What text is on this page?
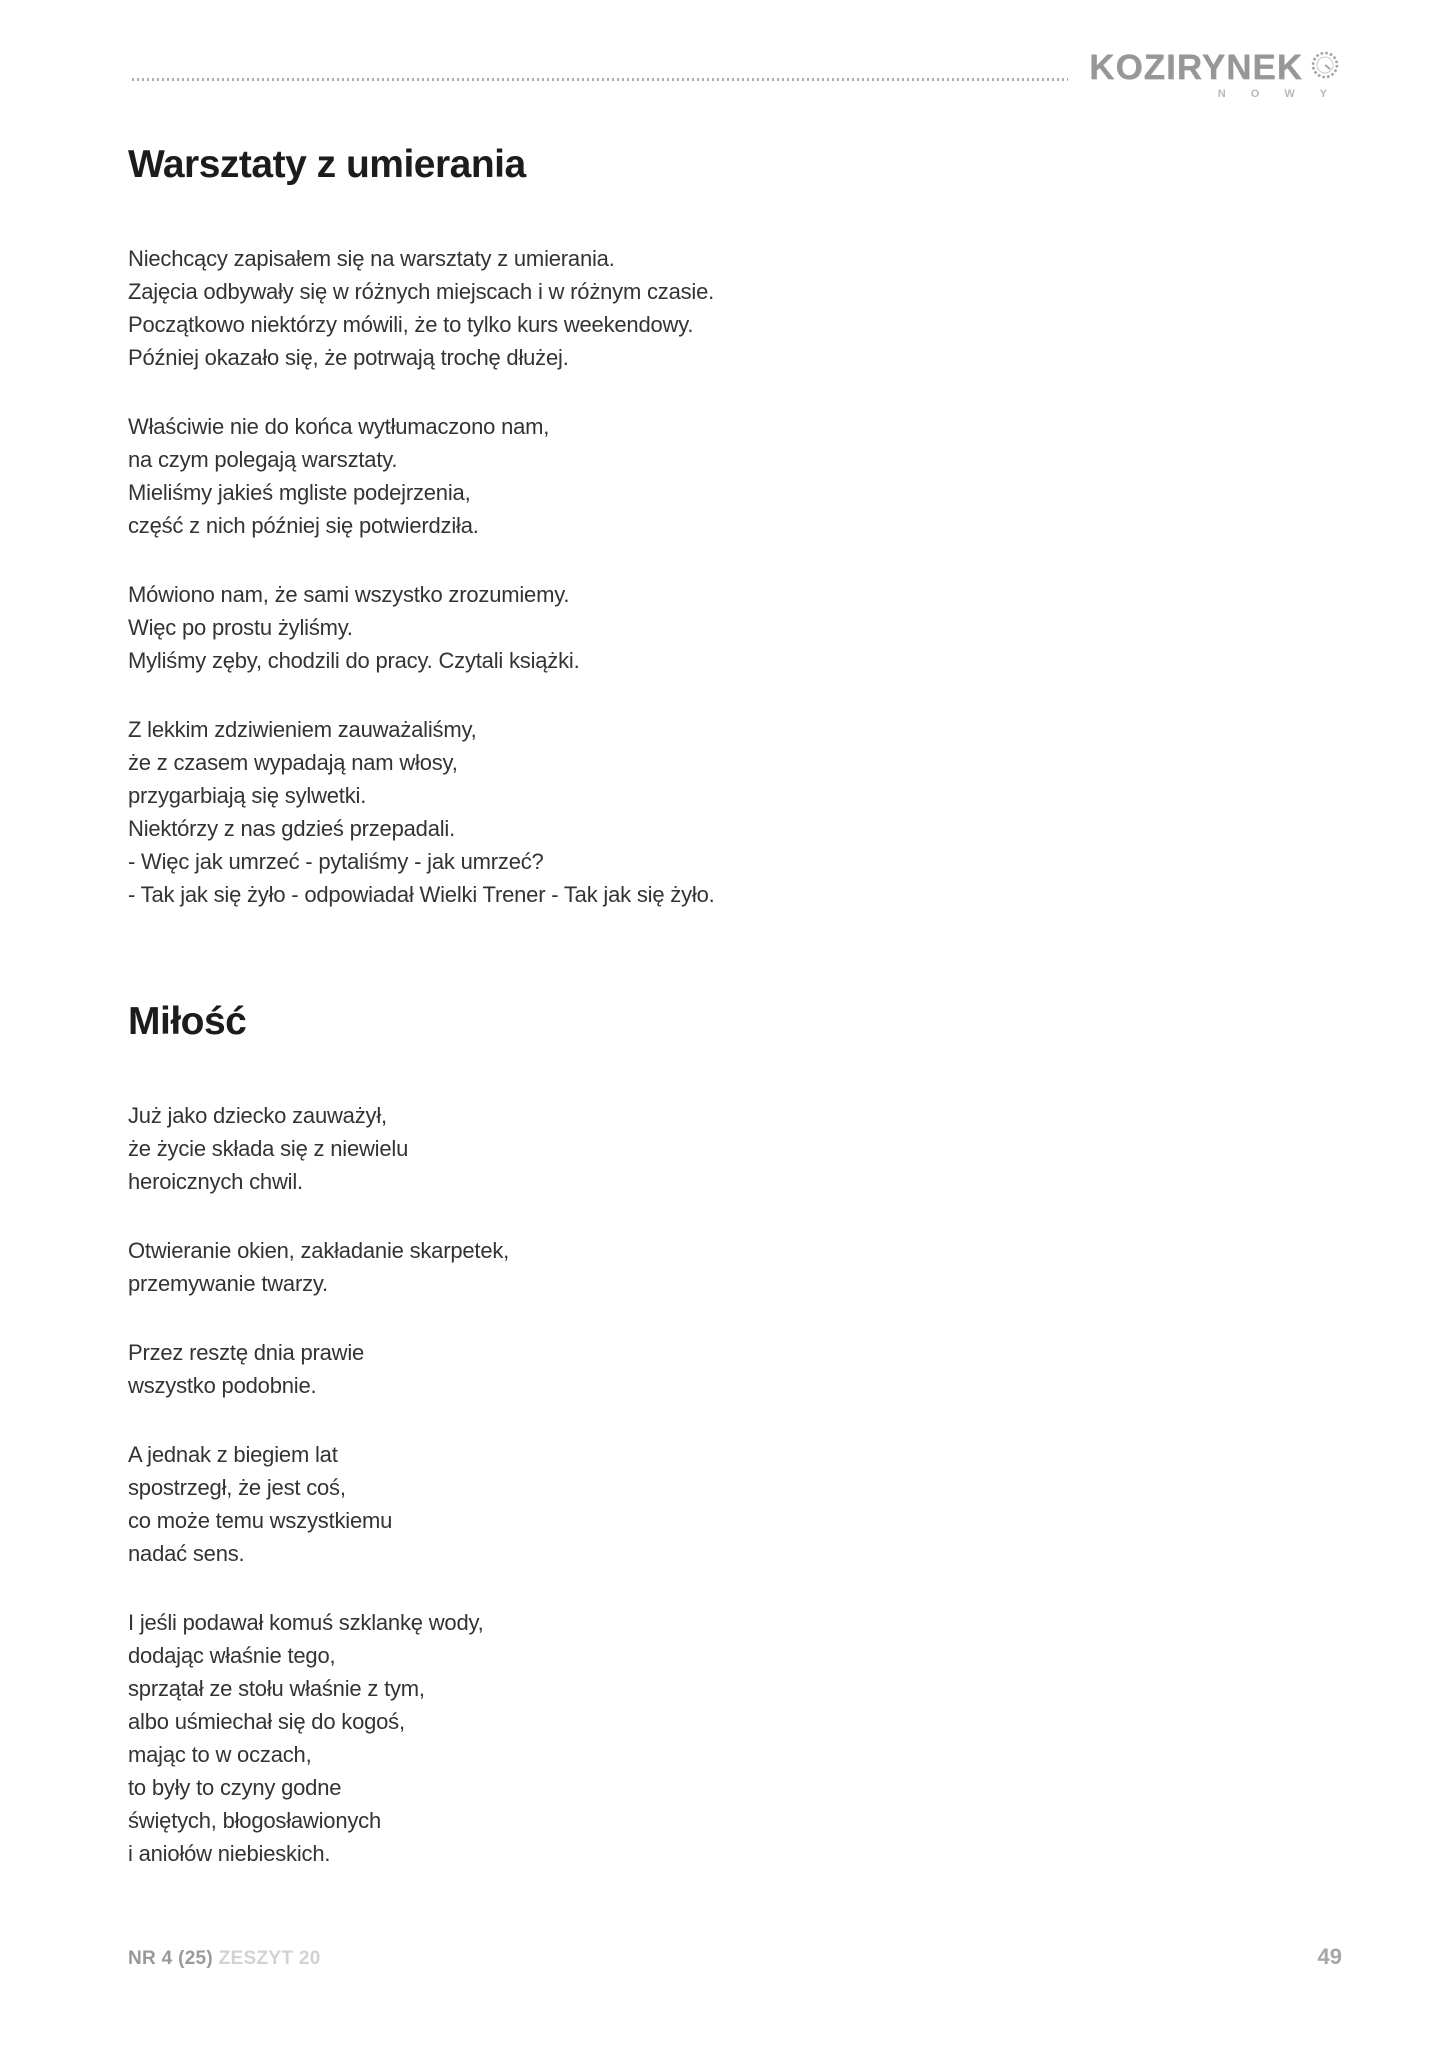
KOZIRYNEK
N O W Y
Warsztaty z umierania
Niechcący zapisałem się na warsztaty z umierania.
Zajęcia odbywały się w różnych miejscach i w różnym czasie.
Początkowo niektórzy mówili, że to tylko kurs weekendowy.
Później okazało się, że potrwają trochę dłużej.
Właściwie nie do końca wytłumaczono nam,
na czym polegają warsztaty.
Mieliśmy jakieś mgliste podejrzenia,
część z nich później się potwierdziła.
Mówiono nam, że sami wszystko zrozumiemy.
Więc po prostu żyliśmy.
Myliśmy zęby, chodzili do pracy. Czytali książki.
Z lekkim zdziwieniem zauważaliśmy,
że z czasem wypadają nam włosy,
przygarbiają się sylwetki.
Niektórzy z nas gdzieś przepadali.
- Więc jak umrzeć - pytaliśmy - jak umrzeć?
- Tak jak się żyło - odpowiadał Wielki Trener - Tak jak się żyło.
Miłość
Już jako dziecko zauważył,
że życie składa się z niewielu
heroicznych chwil.
Otwieranie okien, zakładanie skarpetek,
przemywanie twarzy.
Przez resztę dnia prawie
wszystko podobnie.
A jednak z biegiem lat
spostrzegł, że jest coś,
co może temu wszystkiemu
nadać sens.
I jeśli podawał komuś szklankę wody,
dodając właśnie tego,
sprzątał ze stołu właśnie z tym,
albo uśmiechał się do kogoś,
mając to w oczach,
to były to czyny godne
świętych, błogosławionych
i aniołów niebieskich.
NR 4 (25) ZESZYT 20	49
